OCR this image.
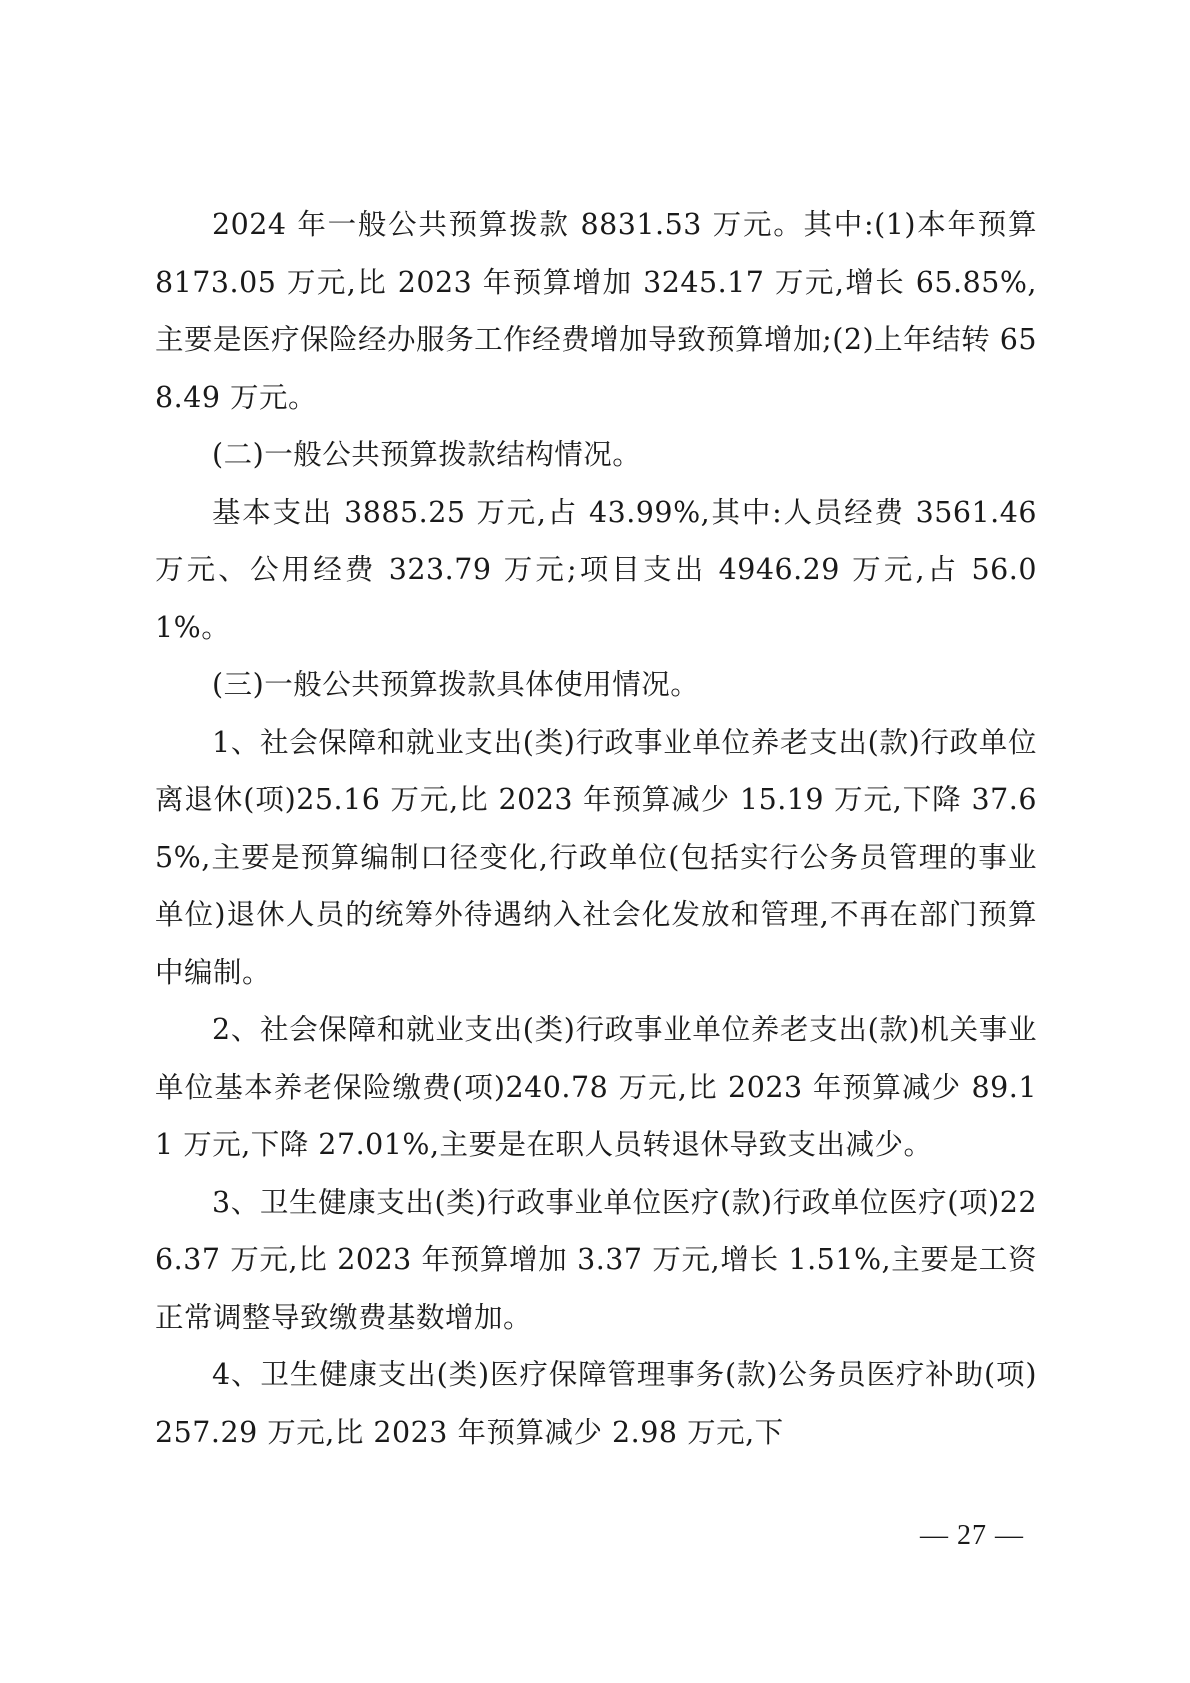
2024 年一般公共预算拨款 8831.53 万元。其中:(1)本年预算 8173.05 万元,比 2023 年预算增加 3245.17 万元,增长 65.85%,主要是医疗保险经办服务工作经费增加导致预算增加;(2)上年结转 658.49 万元。

(二)一般公共预算拨款结构情况。

基本支出 3885.25 万元,占 43.99%,其中:人员经费 3561.46 万元、公用经费 323.79 万元;项目支出 4946.29 万元,占 56.01%。

(三)一般公共预算拨款具体使用情况。

1、社会保障和就业支出(类)行政事业单位养老支出(款)行政单位离退休(项)25.16 万元,比 2023 年预算减少 15.19 万元,下降 37.65%,主要是预算编制口径变化,行政单位(包括实行公务员管理的事业单位)退休人员的统筹外待遇纳入社会化发放和管理,不再在部门预算中编制。

2、社会保障和就业支出(类)行政事业单位养老支出(款)机关事业单位基本养老保险缴费(项)240.78 万元,比 2023 年预算减少 89.11 万元,下降 27.01%,主要是在职人员转退休导致支出减少。

3、卫生健康支出(类)行政事业单位医疗(款)行政单位医疗(项)226.37 万元,比 2023 年预算增加 3.37 万元,增长 1.51%,主要是工资正常调整导致缴费基数增加。

4、卫生健康支出(类)医疗保障管理事务(款)公务员医疗补助(项)257.29 万元,比 2023 年预算减少 2.98 万元,下

— 27 —
